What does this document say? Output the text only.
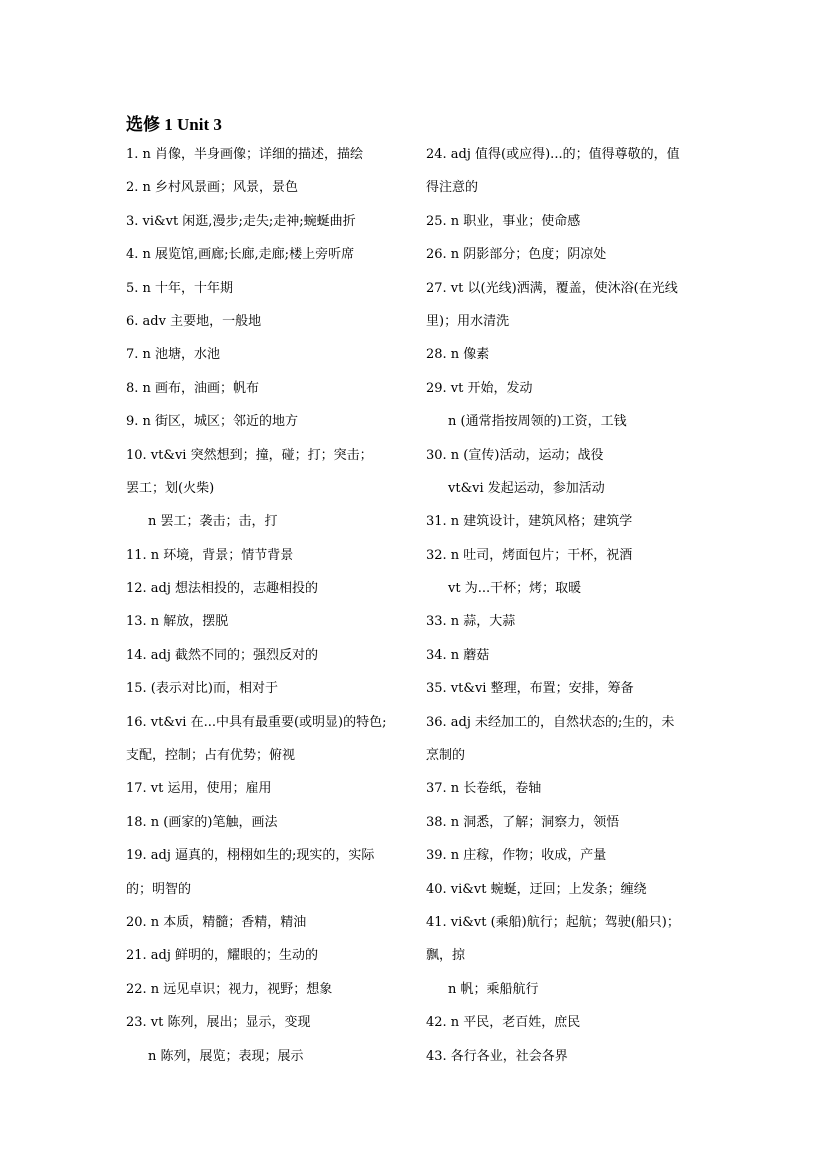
选修 1 Unit 3
1. n 肖像，半身画像；详细的描述，描绘
2. n 乡村风景画；风景，景色
3. vi&vt 闲逛,漫步;走失;走神;蜿蜒曲折
4. n 展览馆,画廊;长廊,走廊;楼上旁听席
5. n 十年，十年期
6. adv 主要地，一般地
7. n 池塘，水池
8. n 画布，油画；帆布
9. n 街区，城区；邻近的地方
10. vt&vi 突然想到；撞，碰；打；突击；
罢工；划(火柴)
n 罢工；袭击；击，打
11. n 环境，背景；情节背景
12. adj 想法相投的，志趣相投的
13. n 解放，摆脱
14. adj 截然不同的；强烈反对的
15. (表示对比)而，相对于
16. vt&vi 在...中具有最重要(或明显)的特色;
支配，控制；占有优势；俯视
17. vt 运用，使用；雇用
18. n (画家的)笔触，画法
19. adj 逼真的，栩栩如生的;现实的，实际
的；明智的
20. n 本质，精髓；香精，精油
21. adj 鲜明的，耀眼的；生动的
22. n 远见卓识；视力，视野；想象
23. vt 陈列，展出；显示，变现
n 陈列，展览；表现；展示
24. adj 值得(或应得)...的；值得尊敬的，值
得注意的
25. n 职业，事业；使命感
26. n 阴影部分；色度；阴凉处
27. vt 以(光线)洒满，覆盖，使沐浴(在光线
里)；用水清洗
28. n 像素
29. vt 开始，发动
n (通常指按周领的)工资，工钱
30. n (宣传)活动，运动；战役
vt&vi 发起运动，参加活动
31. n 建筑设计，建筑风格；建筑学
32. n 吐司，烤面包片；干杯，祝酒
vt 为...干杯；烤；取暖
33. n 蒜，大蒜
34. n 蘑菇
35. vt&vi 整理，布置；安排，筹备
36. adj 未经加工的，自然状态的;生的，未
烹制的
37. n 长卷纸，卷轴
38. n 洞悉，了解；洞察力，领悟
39. n 庄稼，作物；收成，产量
40. vi&vt 蜿蜒，迂回；上发条；缠绕
41. vi&vt (乘船)航行；起航；驾驶(船只)；
飘，掠
n 帆；乘船航行
42. n 平民，老百姓，庶民
43. 各行各业，社会各界
